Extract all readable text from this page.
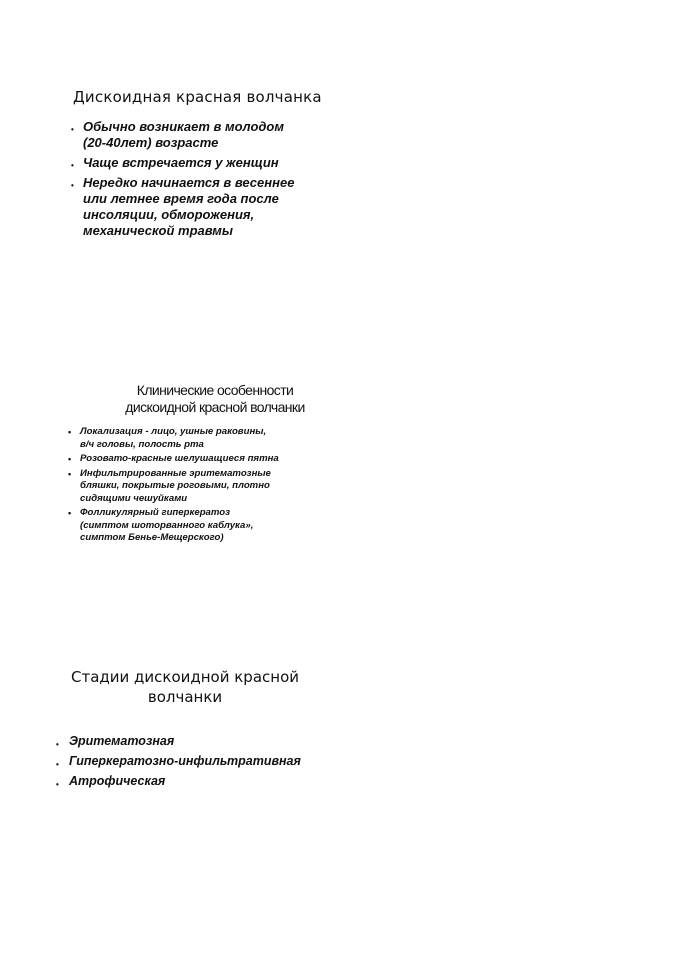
Дискоидная красная волчанка
• Обычно возникает в молодом
(20-40лет) возрасте
• Чаще встречается у женщин
• Нередко начинается в весеннее
или летнее время года после
инсоляции, обморожения,
механической травмы
Клинические особенности
дискоидной красной волчанки
• Локализация - лицо, ушные раковины,
в/ч головы, полость рта
• Розовато-красные шелушащиеся пятна
• Инфильтрированные эритематозные
бляшки, покрытые роговыми, плотно
сидящими чешуйками
• Фолликулярный гиперкератоз
(симптом шоторванного каблука»,
симптом Бенье-Мещерского)
Стадии дискоидной красной
волчанки
• Эритематозная
• Гиперкератозно-инфильтративная
• Атрофическая
